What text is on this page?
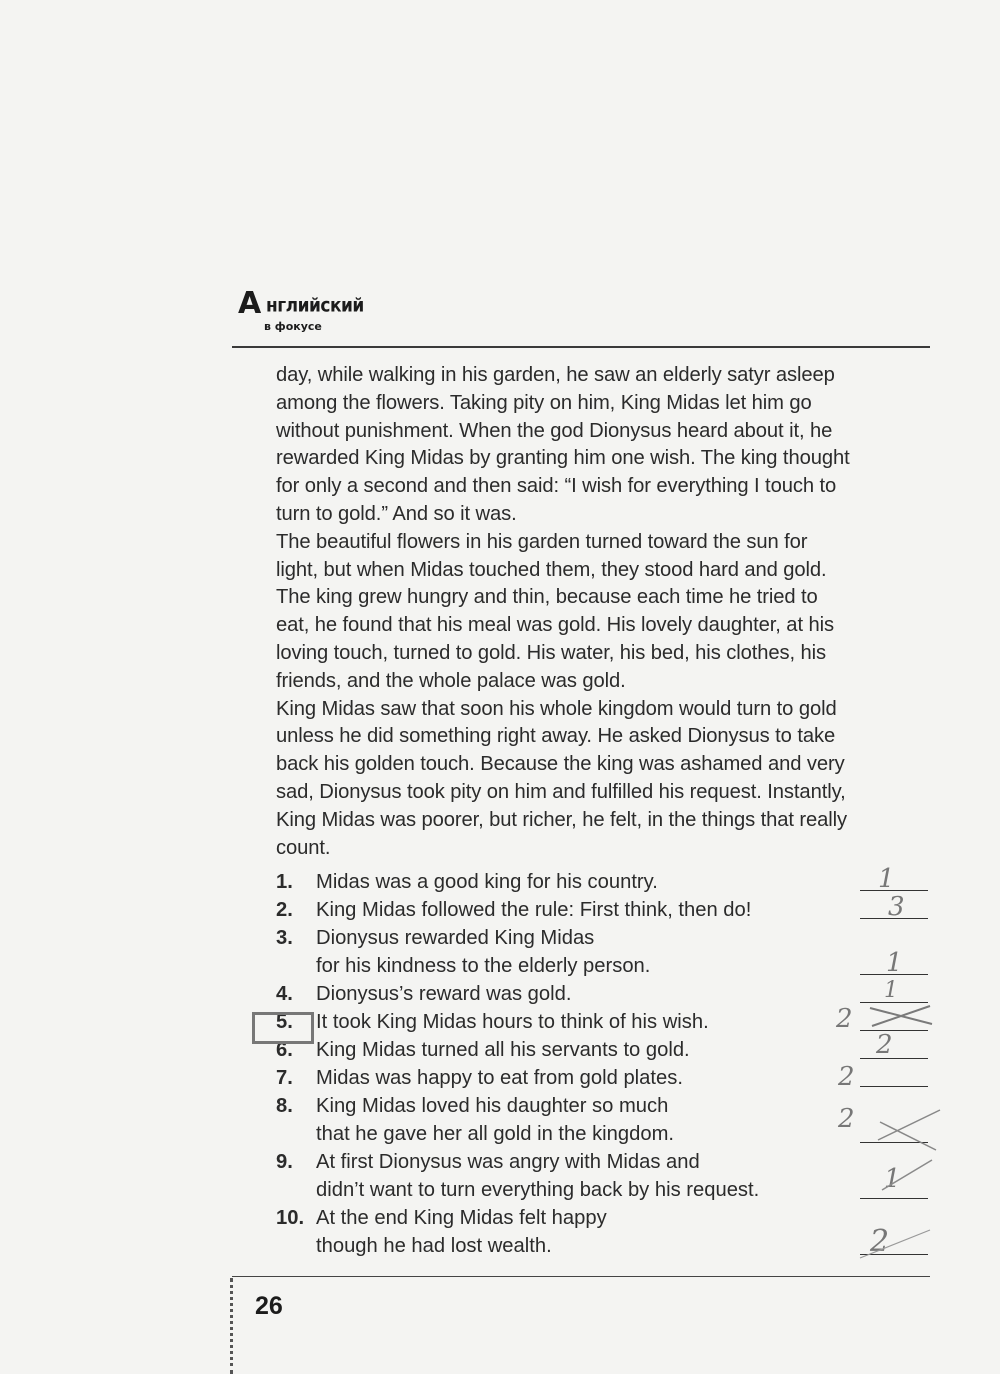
А нглийский
в фокусе
day, while walking in his garden, he saw an elderly satyr asleep
among the flowers. Taking pity on him, King Midas let him go
without punishment. When the god Dionysus heard about it, he
rewarded King Midas by granting him one wish. The king thought
for only a second and then said: “I wish for everything I touch to
turn to gold.” And so it was.
The beautiful flowers in his garden turned toward the sun for
light, but when Midas touched them, they stood hard and gold.
The king grew hungry and thin, because each time he tried to
eat, he found that his meal was gold. His lovely daughter, at his
loving touch, turned to gold. His water, his bed, his clothes, his
friends, and the whole palace was gold.
King Midas saw that soon his whole kingdom would turn to gold
unless he did something right away. He asked Dionysus to take
back his golden touch. Because the king was ashamed and very
sad, Dionysus took pity on him and fulfilled his request. Instantly,
King Midas was poorer, but richer, he felt, in the things that really
count.
1.	Midas was a good king for his country.
2.	King Midas followed the rule: First think, then do!
3.	Dionysus rewarded King Midas
for his kindness to the elderly person.
4.	Dionysus’s reward was gold.
5.	It took King Midas hours to think of his wish.
6.	King Midas turned all his servants to gold.
7.	Midas was happy to eat from gold plates.
8.	King Midas loved his daughter so much
that he gave her all gold in the kingdom.
9.	At first Dionysus was angry with Midas and
didn’t want to turn everything back by his request.
10. At the end King Midas felt happy
though he had lost wealth.
1
3
1
1
2
2
2
2
1
2
26
